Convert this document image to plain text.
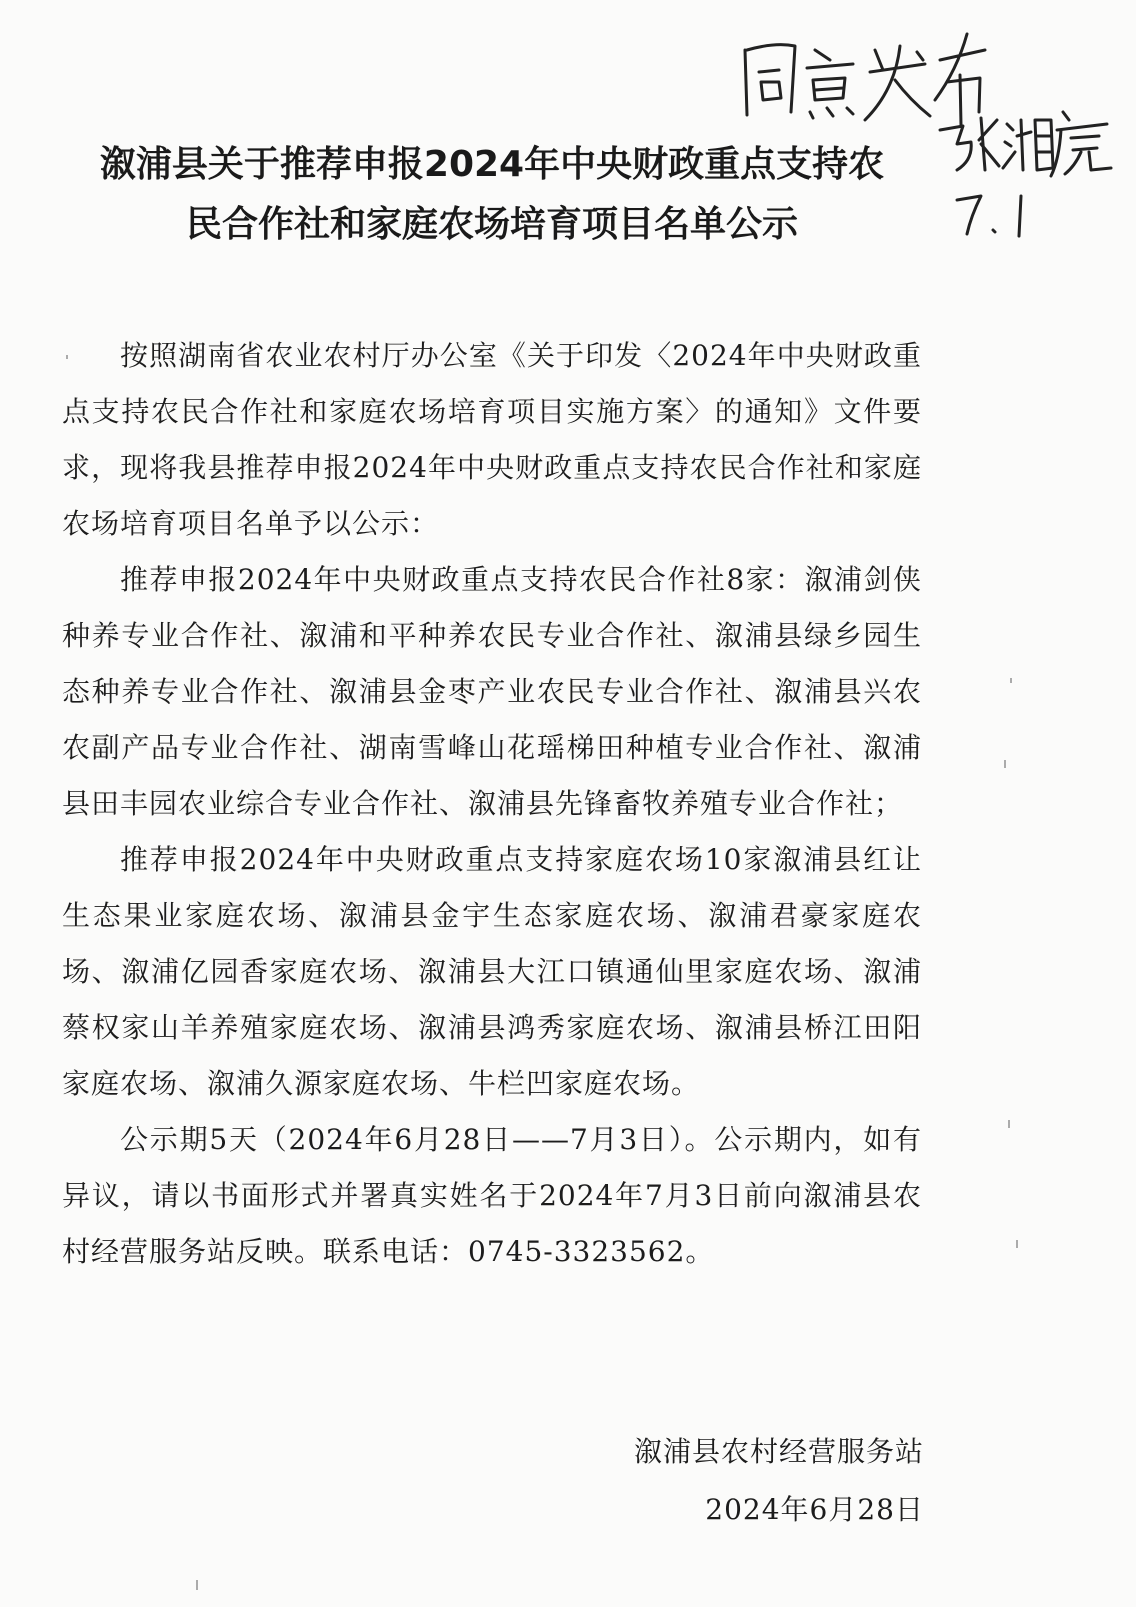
溆浦县关于推荐申报2024年中央财政重点支持农

民合作社和家庭农场培育项目名单公示

按照湖南省农业农村厅办公室《关于印发〈2024年中央财政重点支持农民合作社和家庭农场培育项目实施方案〉的通知》文件要求，现将我县推荐申报2024年中央财政重点支持农民合作社和家庭农场培育项目名单予以公示：

推荐申报2024年中央财政重点支持农民合作社8家：溆浦剑侠种养专业合作社、溆浦和平种养农民专业合作社、溆浦县绿乡园生态种养专业合作社、溆浦县金枣产业农民专业合作社、溆浦县兴农农副产品专业合作社、湖南雪峰山花瑶梯田种植专业合作社、溆浦县田丰园农业综合专业合作社、溆浦县先锋畜牧养殖专业合作社；

推荐申报2024年中央财政重点支持家庭农场10家溆浦县红让生态果业家庭农场、溆浦县金宇生态家庭农场、溆浦君豪家庭农场、溆浦亿园香家庭农场、溆浦县大江口镇通仙里家庭农场、溆浦蔡权家山羊养殖家庭农场、溆浦县鸿秀家庭农场、溆浦县桥江田阳家庭农场、溆浦久源家庭农场、牛栏凹家庭农场。

公示期5天（2024年6月28日——7月3日）。公示期内，如有异议，请以书面形式并署真实姓名于2024年7月3日前向溆浦县农村经营服务站反映。联系电话：0745-3323562。

溆浦县农村经营服务站
2024年6月28日
